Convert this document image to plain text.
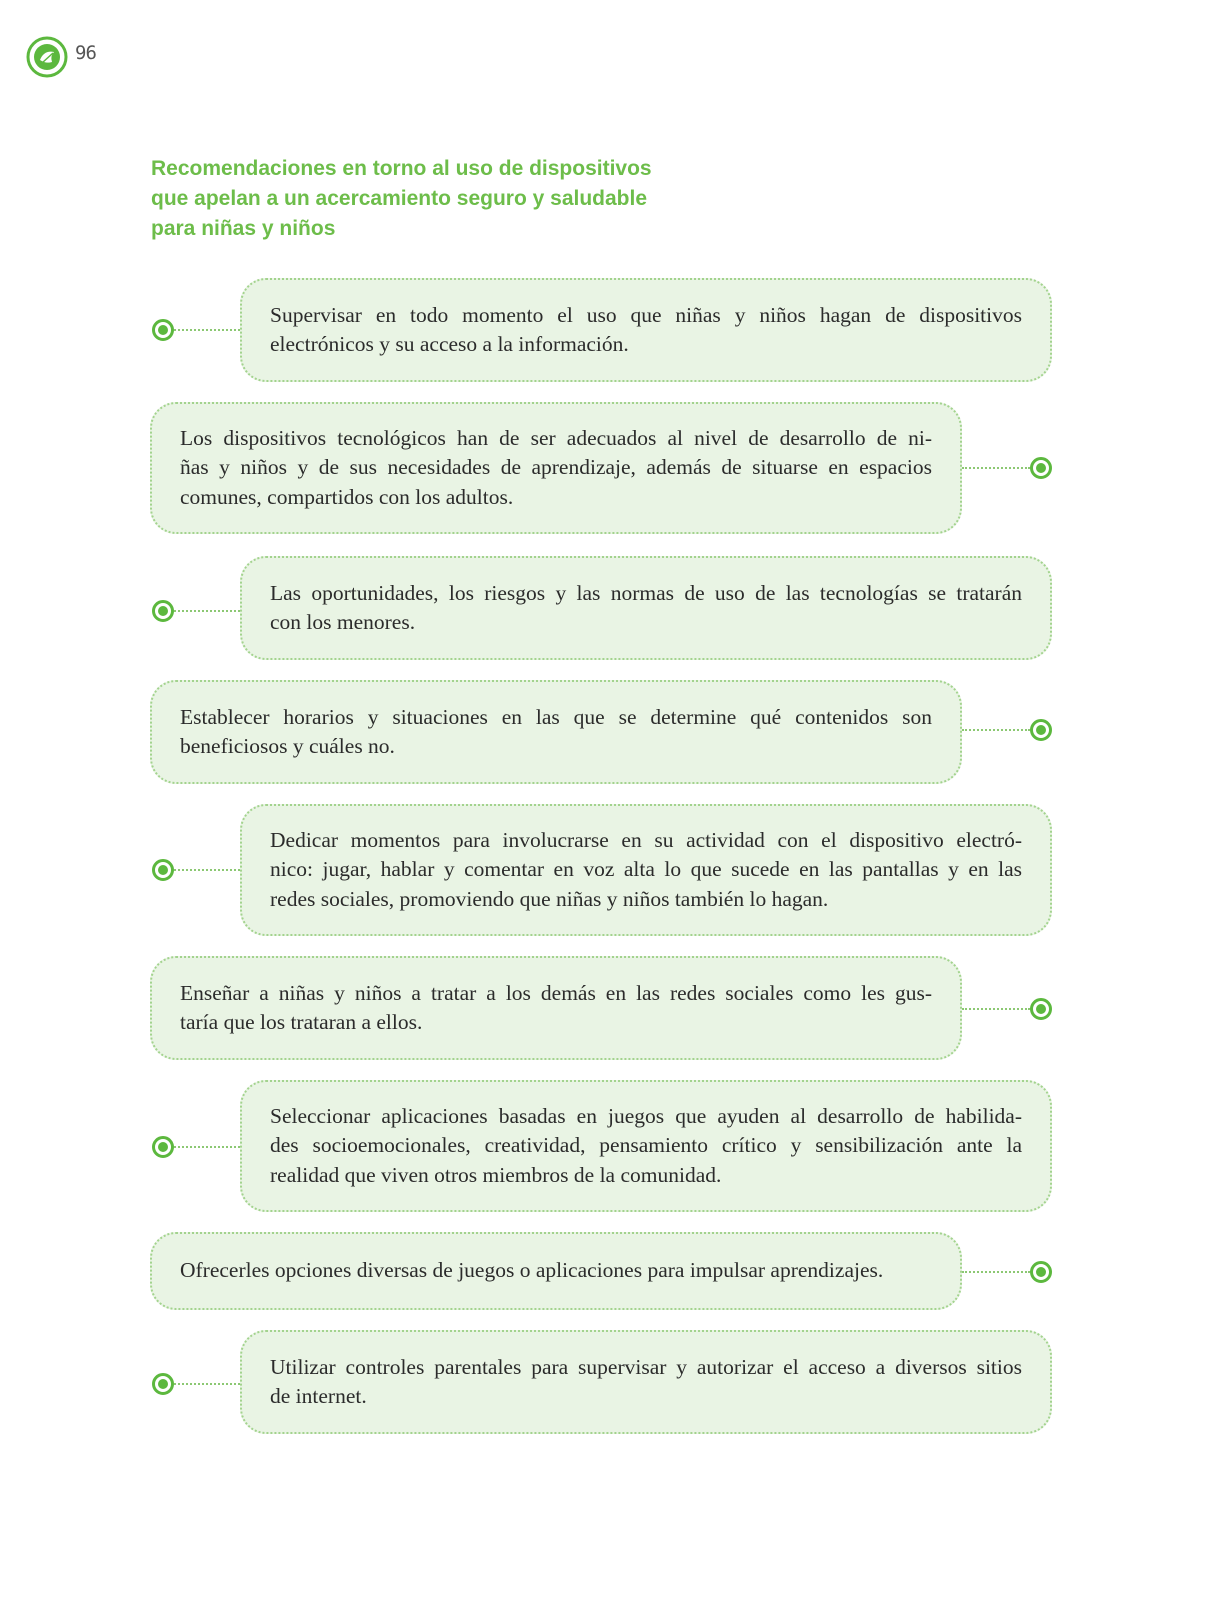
96
Recomendaciones en torno al uso de dispositivos
que apelan a un acercamiento seguro y saludable
para niñas y niños
Supervisar en todo momento el uso que niñas y niños hagan de dispositivos
electrónicos y su acceso a la información.
Los dispositivos tecnológicos han de ser adecuados al nivel de desarrollo de ni-
ñas y niños y de sus necesidades de aprendizaje, además de situarse en espacios
comunes, compartidos con los adultos.
Las oportunidades, los riesgos y las normas de uso de las tecnologías se tratarán
con los menores.
Establecer horarios y situaciones en las que se determine qué contenidos son
beneficiosos y cuáles no.
Dedicar momentos para involucrarse en su actividad con el dispositivo electró-
nico: jugar, hablar y comentar en voz alta lo que sucede en las pantallas y en las
redes sociales, promoviendo que niñas y niños también lo hagan.
Enseñar a niñas y niños a tratar a los demás en las redes sociales como les gus-
taría que los trataran a ellos.
Seleccionar aplicaciones basadas en juegos que ayuden al desarrollo de habilida-
des socioemocionales, creatividad, pensamiento crítico y sensibilización ante la
realidad que viven otros miembros de la comunidad.
Ofrecerles opciones diversas de juegos o aplicaciones para impulsar aprendizajes.
Utilizar controles parentales para supervisar y autorizar el acceso a diversos sitios
de internet.
